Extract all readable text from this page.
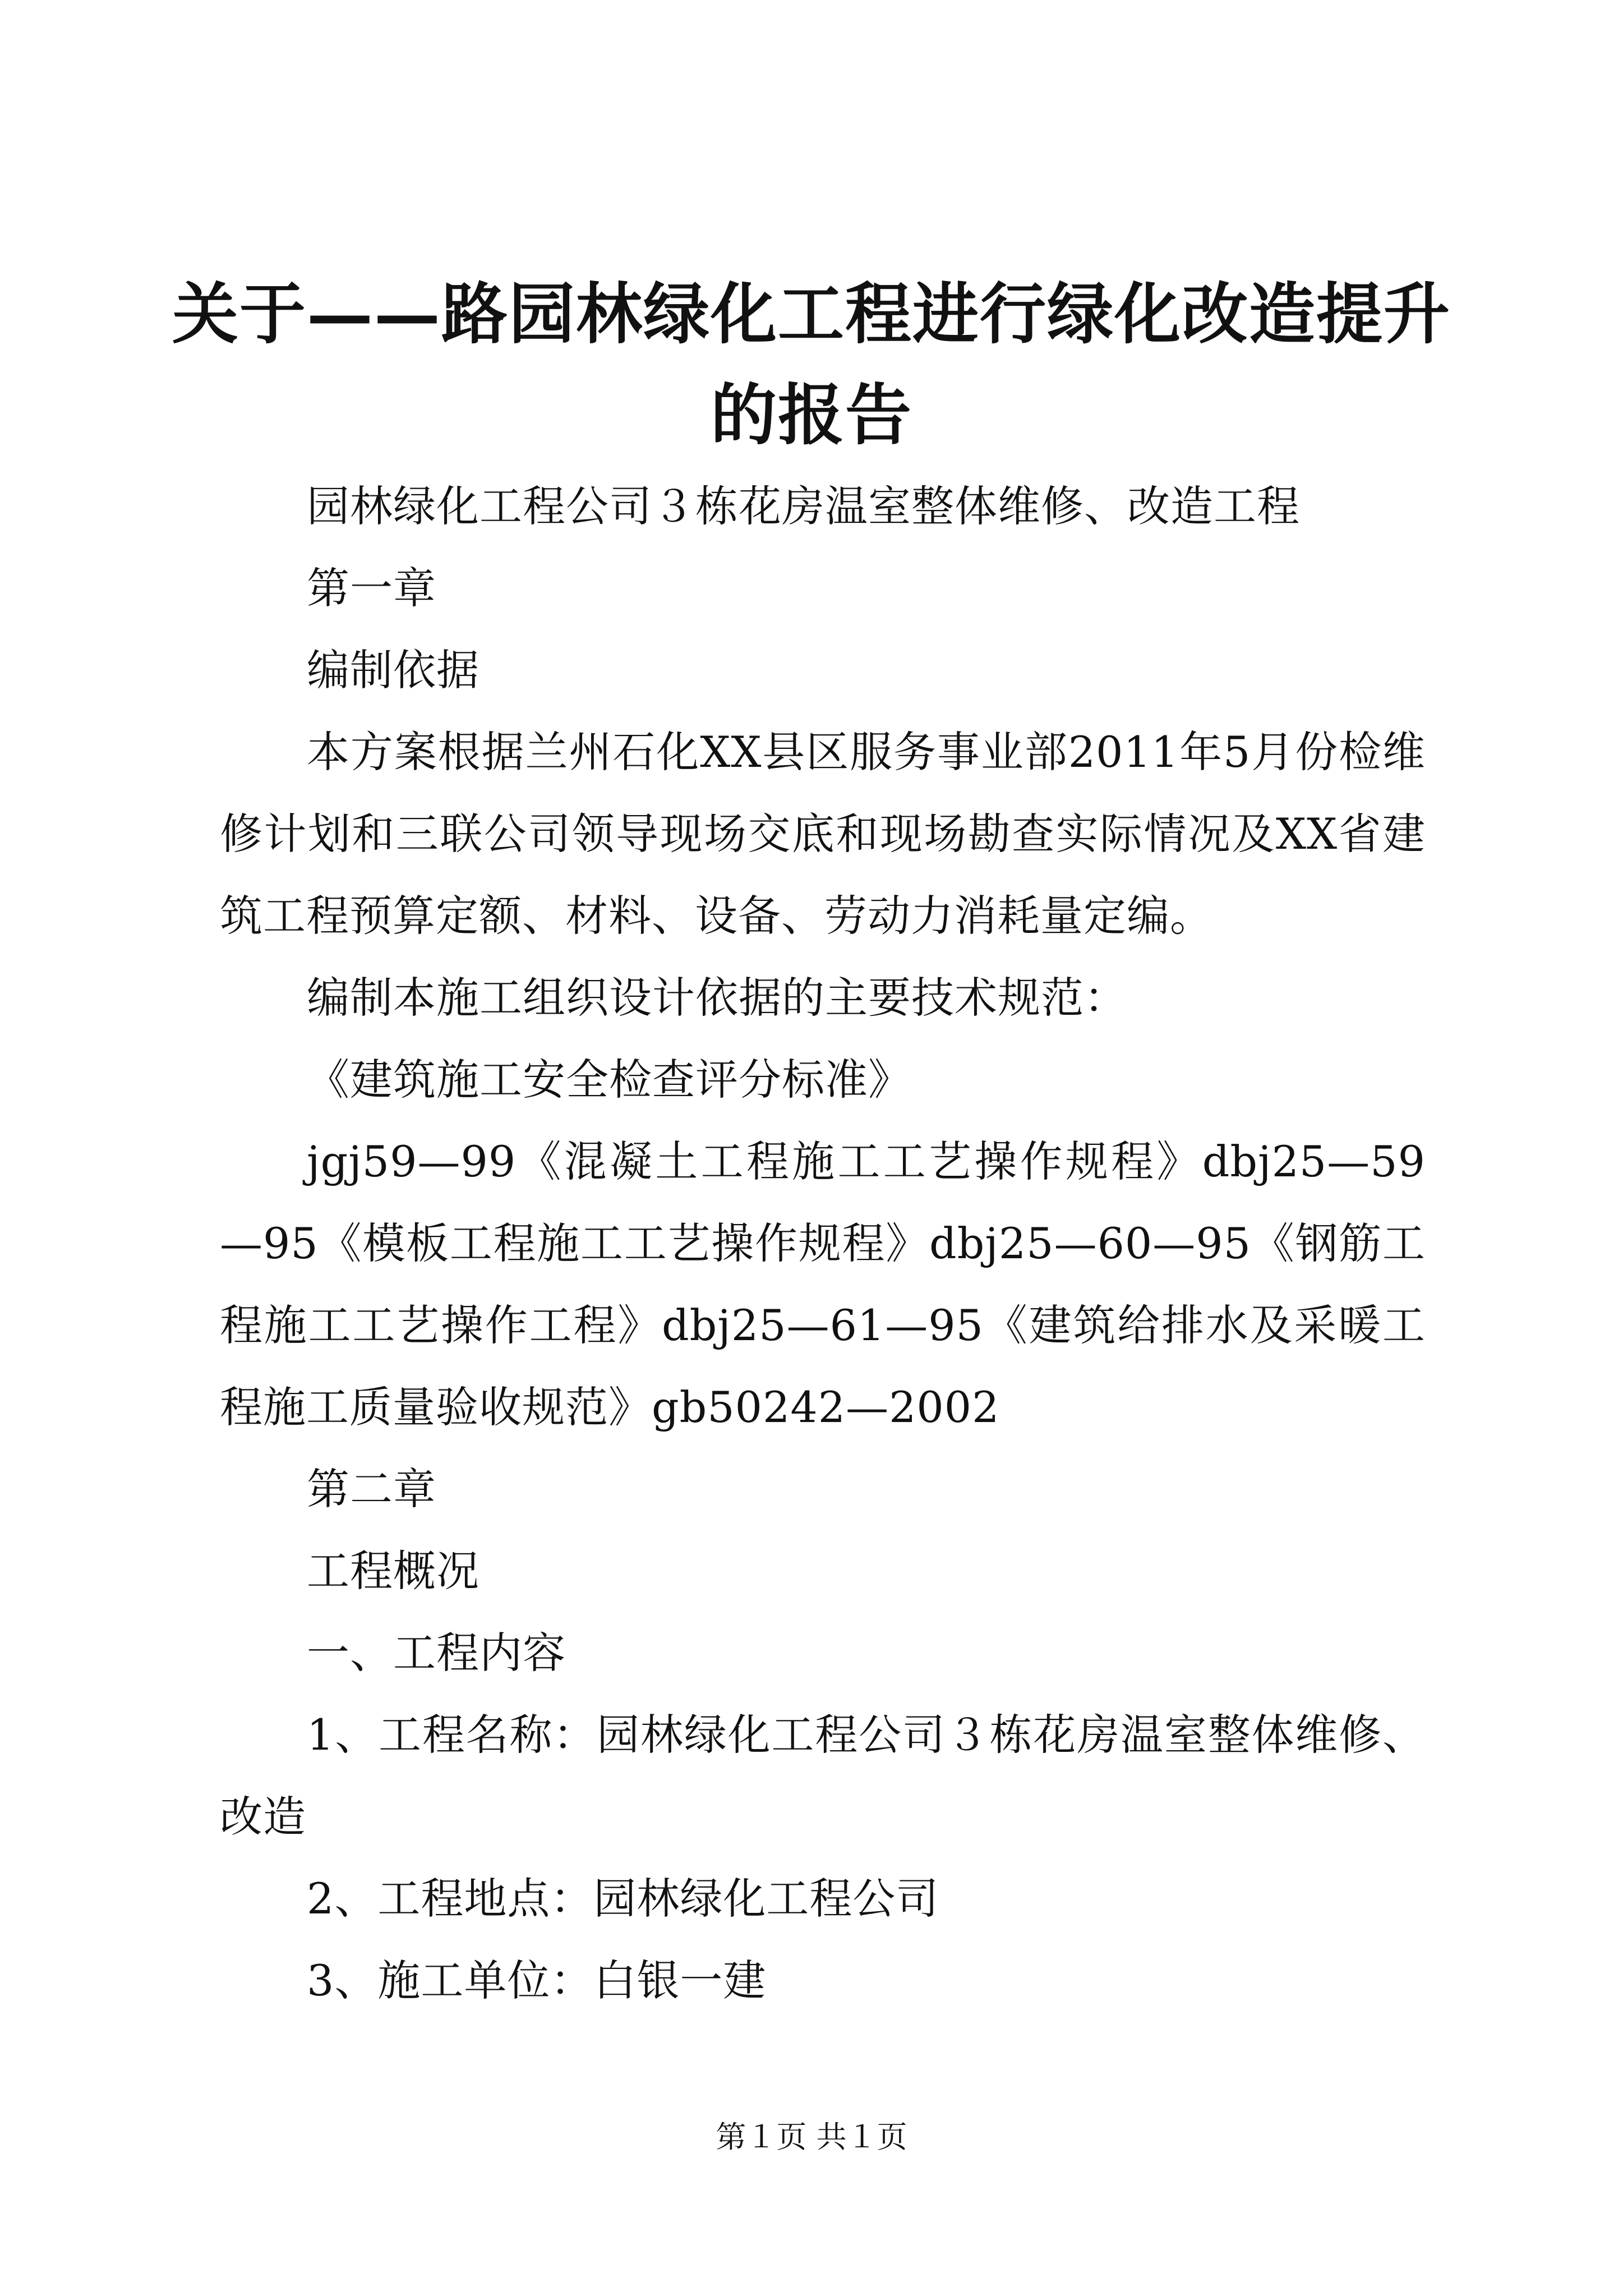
关于——路园林绿化工程进行绿化改造提升的报告

园林绿化工程公司３栋花房温室整体维修、改造工程

第一章

编制依据

本方案根据兰州石化XX县区服务事业部2011年5月份检维修计划和三联公司领导现场交底和现场勘查实际情况及XX省建筑工程预算定额、材料、设备、劳动力消耗量定编。

编制本施工组织设计依据的主要技术规范：

《建筑施工安全检查评分标准》

jgj59—99《混凝土工程施工工艺操作规程》dbj25—59—95《模板工程施工工艺操作规程》dbj25—60—95《钢筋工程施工工艺操作工程》dbj25—61—95《建筑给排水及采暖工程施工质量验收规范》gb50242—2002

第二章

工程概况

一、工程内容

1、工程名称：园林绿化工程公司３栋花房温室整体维修、改造

2、工程地点：园林绿化工程公司

3、施工单位：白银一建

第１页 共１页
